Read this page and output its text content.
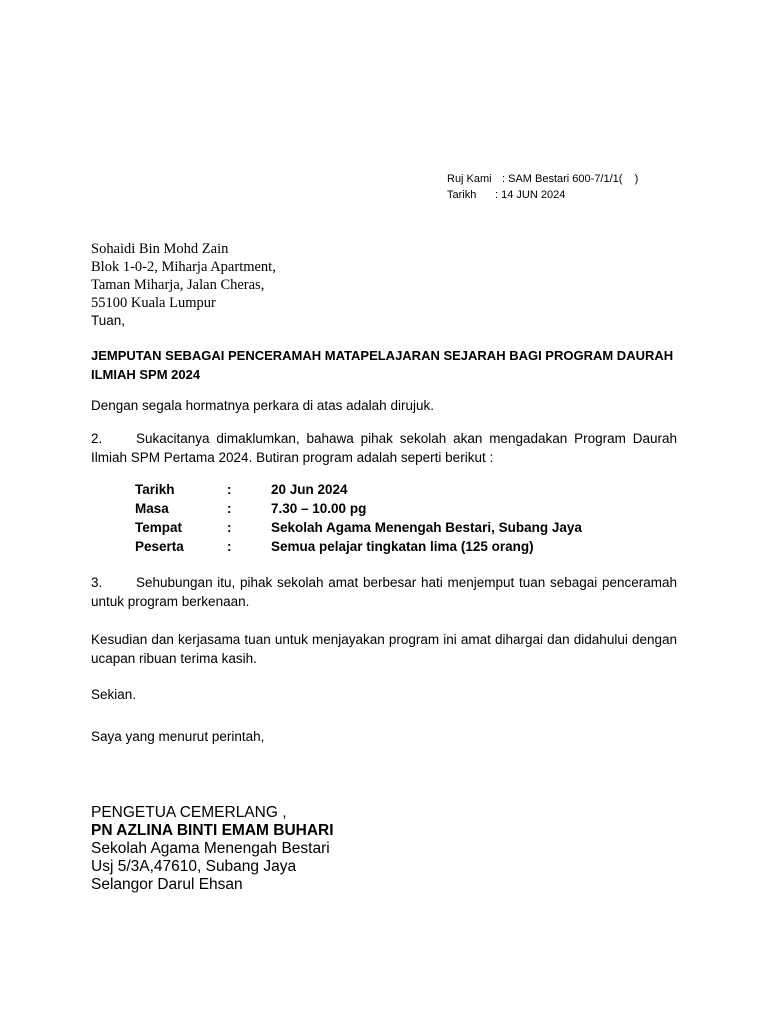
Ruj Kami : SAM Bestari 600-7/1/1(    )
Tarikh	: 14 JUN 2024
Sohaidi Bin Mohd Zain
Blok 1-0-2, Miharja Apartment,
Taman Miharja, Jalan Cheras,
55100 Kuala Lumpur
Tuan,
JEMPUTAN SEBAGAI PENCERAMAH MATAPELAJARAN SEJARAH BAGI PROGRAM DAURAH ILMIAH SPM 2024
Dengan segala hormatnya perkara di atas adalah dirujuk.
2. Sukacitanya dimaklumkan, bahawa pihak sekolah akan mengadakan Program Daurah Ilmiah SPM Pertama 2024. Butiran program adalah seperti berikut :
Tarikh	:	20 Jun 2024
Masa	:	7.30 – 10.00 pg
Tempat	:	Sekolah Agama Menengah Bestari, Subang Jaya
Peserta	:	Semua pelajar tingkatan lima (125 orang)
3. Sehubungan itu, pihak sekolah amat berbesar hati menjemput tuan sebagai penceramah untuk program berkenaan.
Kesudian dan kerjasama tuan untuk menjayakan program ini amat dihargai dan didahului dengan ucapan ribuan terima kasih.
Sekian.
Saya yang menurut perintah,
PENGETUA CEMERLANG ,
PN AZLINA BINTI EMAM BUHARI
Sekolah Agama Menengah Bestari
Usj 5/3A,47610, Subang Jaya
Selangor Darul Ehsan
